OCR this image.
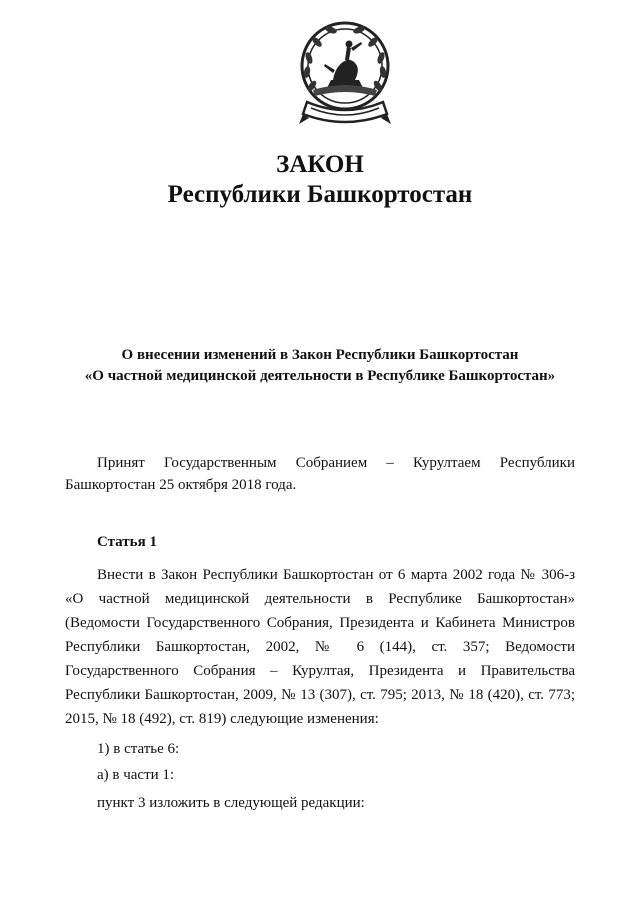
ЗАКОН
Республики Башкортостан
О внесении изменений в Закон Республики Башкортостан
«О частной медицинской деятельности в Республике Башкортостан»
Принят Государственным Собранием – Курултаем Республики
Башкортостан 25 октября 2018 года.
Статья 1
Внести в Закон Республики Башкортостан от 6 марта 2002 года № 306-з
«О частной медицинской деятельности в Республике Башкортостан»
(Ведомости Государственного Собрания, Президента и Кабинета Министров
Республики Башкортостан, 2002, № 6 (144), ст. 357; Ведомости
Государственного Собрания – Курултая, Президента и Правительства
Республики Башкортостан, 2009, № 13 (307), ст. 795; 2013, № 18 (420), ст. 773;
2015, № 18 (492), ст. 819) следующие изменения:
1) в статье 6:
а) в части 1:
пункт 3 изложить в следующей редакции:
